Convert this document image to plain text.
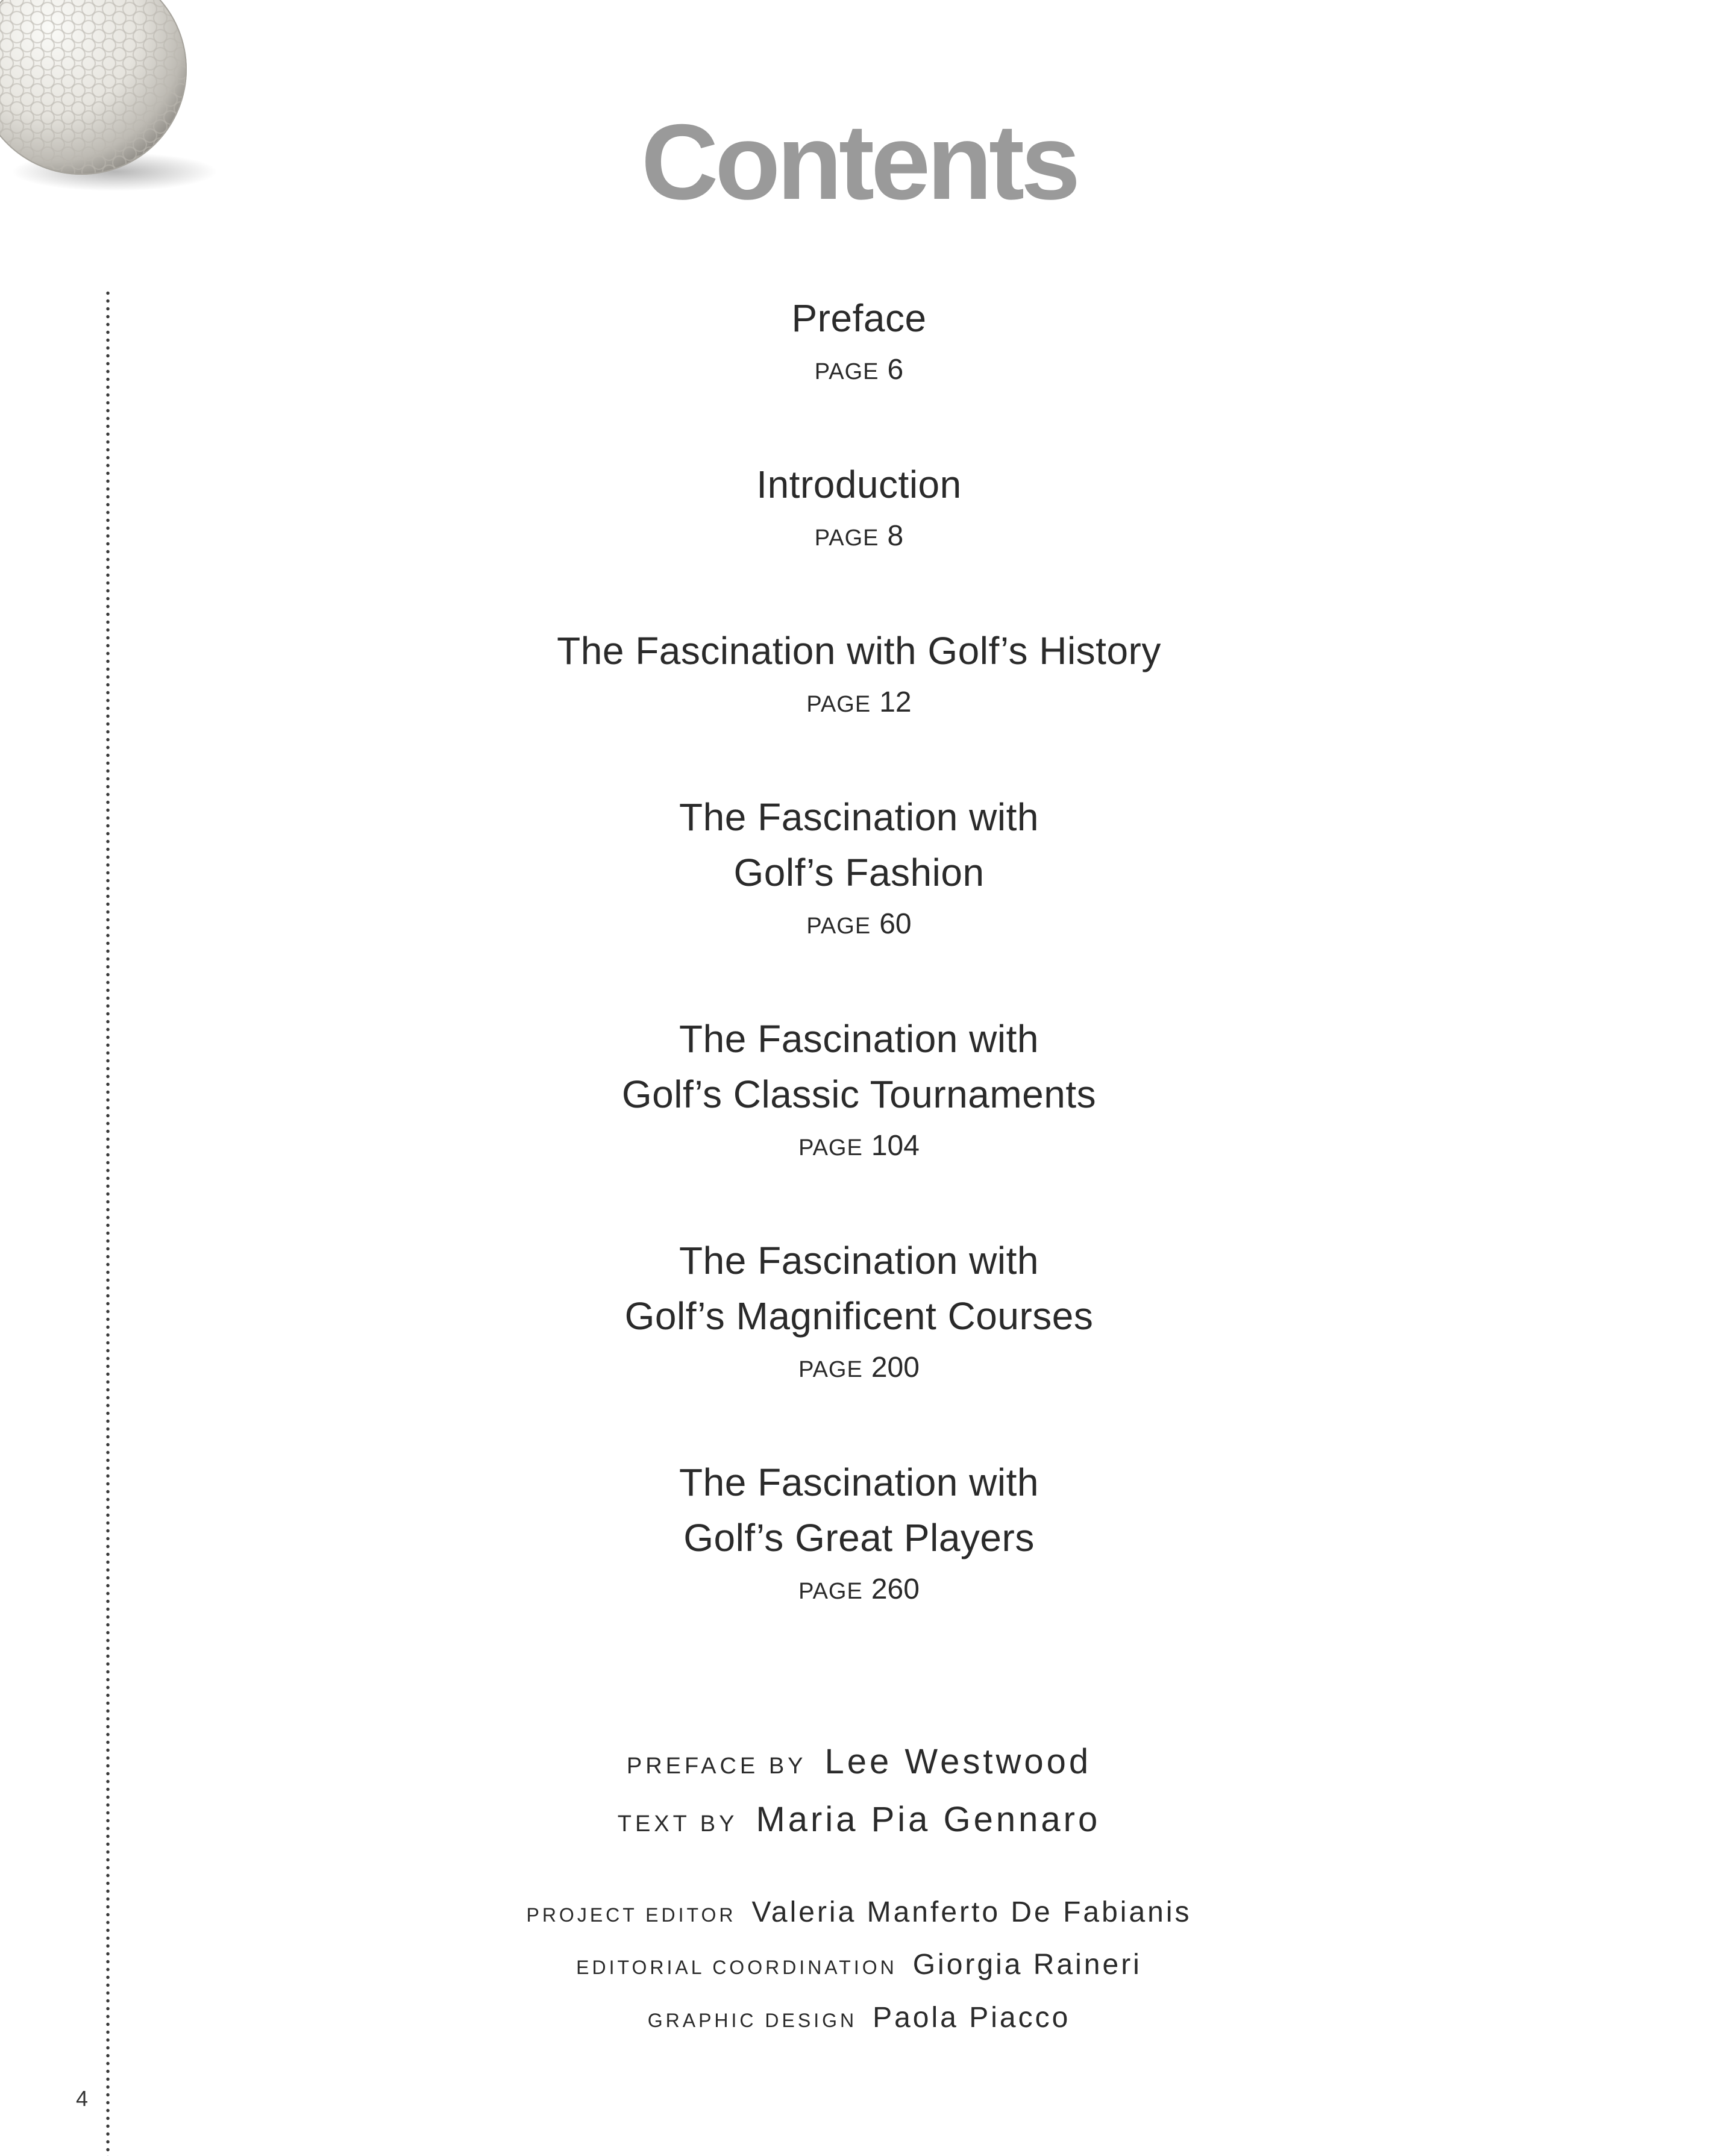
Contents
Preface
PAGE 6
Introduction
PAGE 8
The Fascination with Golf’s History
PAGE 12
The Fascination with
Golf’s Fashion
PAGE 60
The Fascination with
Golf’s Classic Tournaments
PAGE 104
The Fascination with
Golf’s Magnificent Courses
PAGE 200
The Fascination with
Golf’s Great Players
PAGE 260
PREFACE BY Lee Westwood
TEXT BY Maria Pia Gennaro
PROJECT EDITOR Valeria Manferto De Fabianis
EDITORIAL COORDINATION Giorgia Raineri
GRAPHIC DESIGN Paola Piacco
4
